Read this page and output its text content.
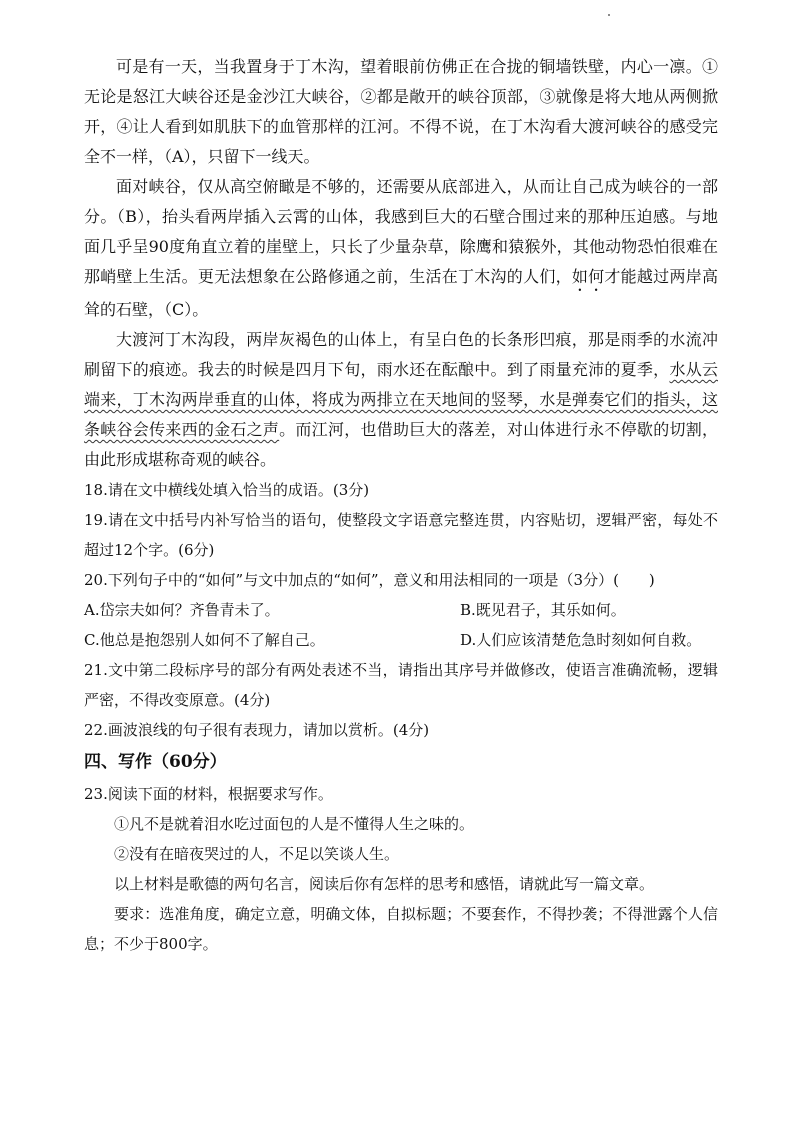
可是有一天，当我置身于丁木沟，望着眼前仿佛正在合拢的铜墙铁壁，内心一凛。①无论是怒江大峡谷还是金沙江大峡谷，②都是敞开的峡谷顶部，③就像是将大地从两侧掀开，④让人看到如肌肤下的血管那样的江河。不得不说，在丁木沟看大渡河峡谷的感受完全不一样，（A），只留下一线天。

面对峡谷，仅从高空俯瞰是不够的，还需要从底部进入，从而让自己成为峡谷的一部分。（B），抬头看两岸插入云霄的山体，我感到巨大的石壁合围过来的那种压迫感。与地面几乎呈90度角直立着的崖壁上，只长了少量杂草，除鹰和猿猴外，其他动物恐怕很难在那峭壁上生活。更无法想象在公路修通之前，生活在丁木沟的人们，如何才能越过两岸高耸的石壁，（C）。

大渡河丁木沟段，两岸灰褐色的山体上，有呈白色的长条形凹痕，那是雨季的水流冲刷留下的痕迹。我去的时候是四月下旬，雨水还在酝酿中。到了雨量充沛的夏季，水从云端来，丁木沟两岸垂直的山体，将成为两排立在天地间的竖琴，水是弹奏它们的指头，这条峡谷会传来西的金石之声。而江河，也借助巨大的落差，对山体进行永不停歇的切割，由此形成堪称奇观的峡谷。

18.请在文中横线处填入恰当的成语。(3分)

19.请在文中括号内补写恰当的语句，使整段文字语意完整连贯，内容贴切，逻辑严密，每处不超过12个字。(6分)

20.下列句子中的“如何”与文中加点的“如何”，意义和用法相同的一项是（3分）(　　)

A.岱宗夫如何？齐鲁青未了。	B.既见君子，其乐如何。
C.他总是抱怨别人如何不了解自己。	D.人们应该清楚危急时刻如何自救。

21.文中第二段标序号的部分有两处表述不当，请指出其序号并做修改，使语言准确流畅，逻辑严密，不得改变原意。(4分)

22.画波浪线的句子很有表现力，请加以赏析。(4分)

四、写作（60分）

23.阅读下面的材料，根据要求写作。

①凡不是就着泪水吃过面包的人是不懂得人生之味的。

②没有在暗夜哭过的人，不足以笑谈人生。

以上材料是歌德的两句名言，阅读后你有怎样的思考和感悟，请就此写一篇文章。

要求：选准角度，确定立意，明确文体，自拟标题；不要套作，不得抄袭；不得泄露个人信息；不少于800字。
